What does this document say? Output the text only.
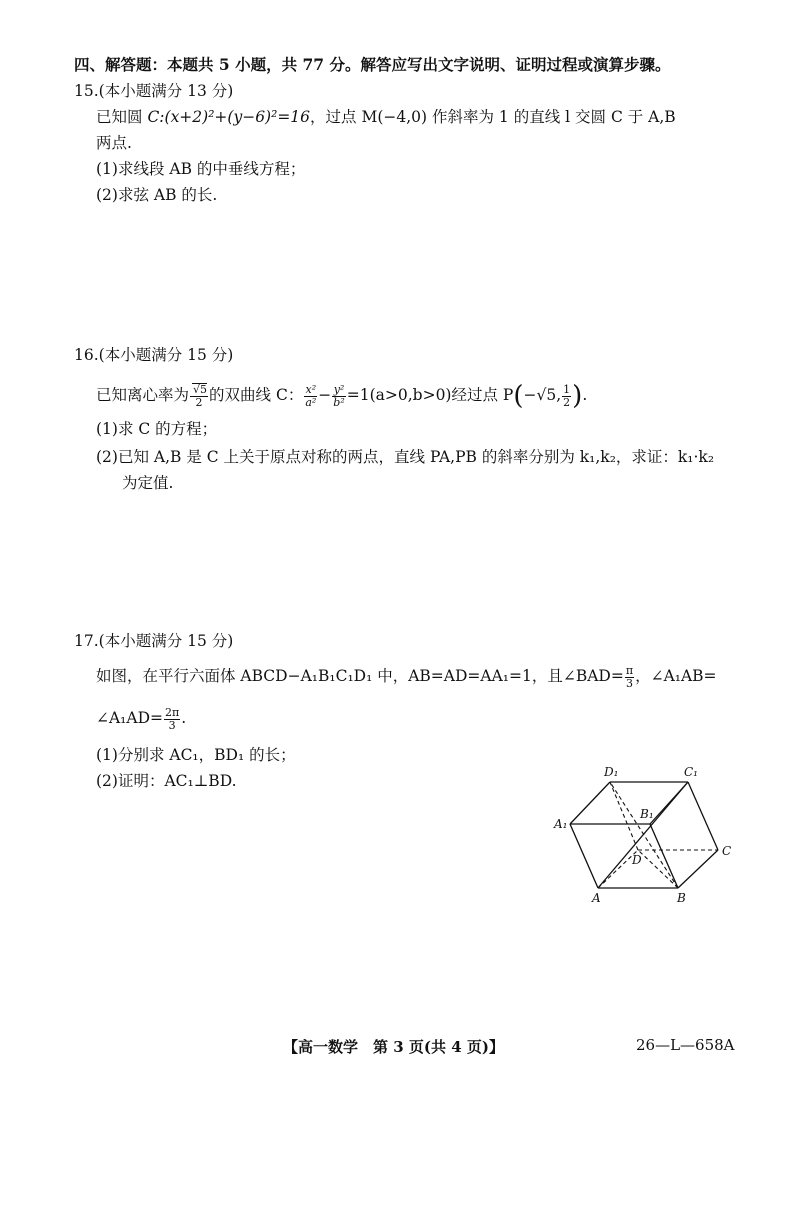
四、解答题：本题共 5 小题，共 77 分。解答应写出文字说明、证明过程或演算步骤。
15.(本小题满分 13 分)
已知圆 C:(x+2)²+(y−6)²=16，过点 M(−4,0) 作斜率为 1 的直线 l 交圆 C 于 A,B
两点.
(1)求线段 AB 的中垂线方程；
(2)求弦 AB 的长.
16.(本小题满分 15 分)
已知离心率为 $\frac{√5}{2}$ 的双曲线 C： $\frac{\text{x²}}{\text{a²}} - \frac{\text{y²}}{\text{b²}} =1(a>0,b>0)$经过点 P(−√5, $\frac{1}{2}$ ).
(1)求 C 的方程；
(2)已知 A,B 是 C 上关于原点对称的两点，直线 PA,PB 的斜率分别为 k₁,k₂，求证：k₁·k₂
为定值.
17.(本小题满分 15 分)
如图，在平行六面体 ABCD−A₁B₁C₁D₁ 中，AB=AD=AA₁=1，且∠BAD= $\frac{\pi}{3}$ ，∠A₁AB=
∠A₁AD= $\frac{2\pi}{3}$ .
(1)分别求 AC₁，BD₁ 的长；
(2)证明：AC₁⊥BD.	D₁	C₁
B₁
A₁
C
D
A	B
【高一数学　第 3 页(共 4 页)】	26—L—658A
